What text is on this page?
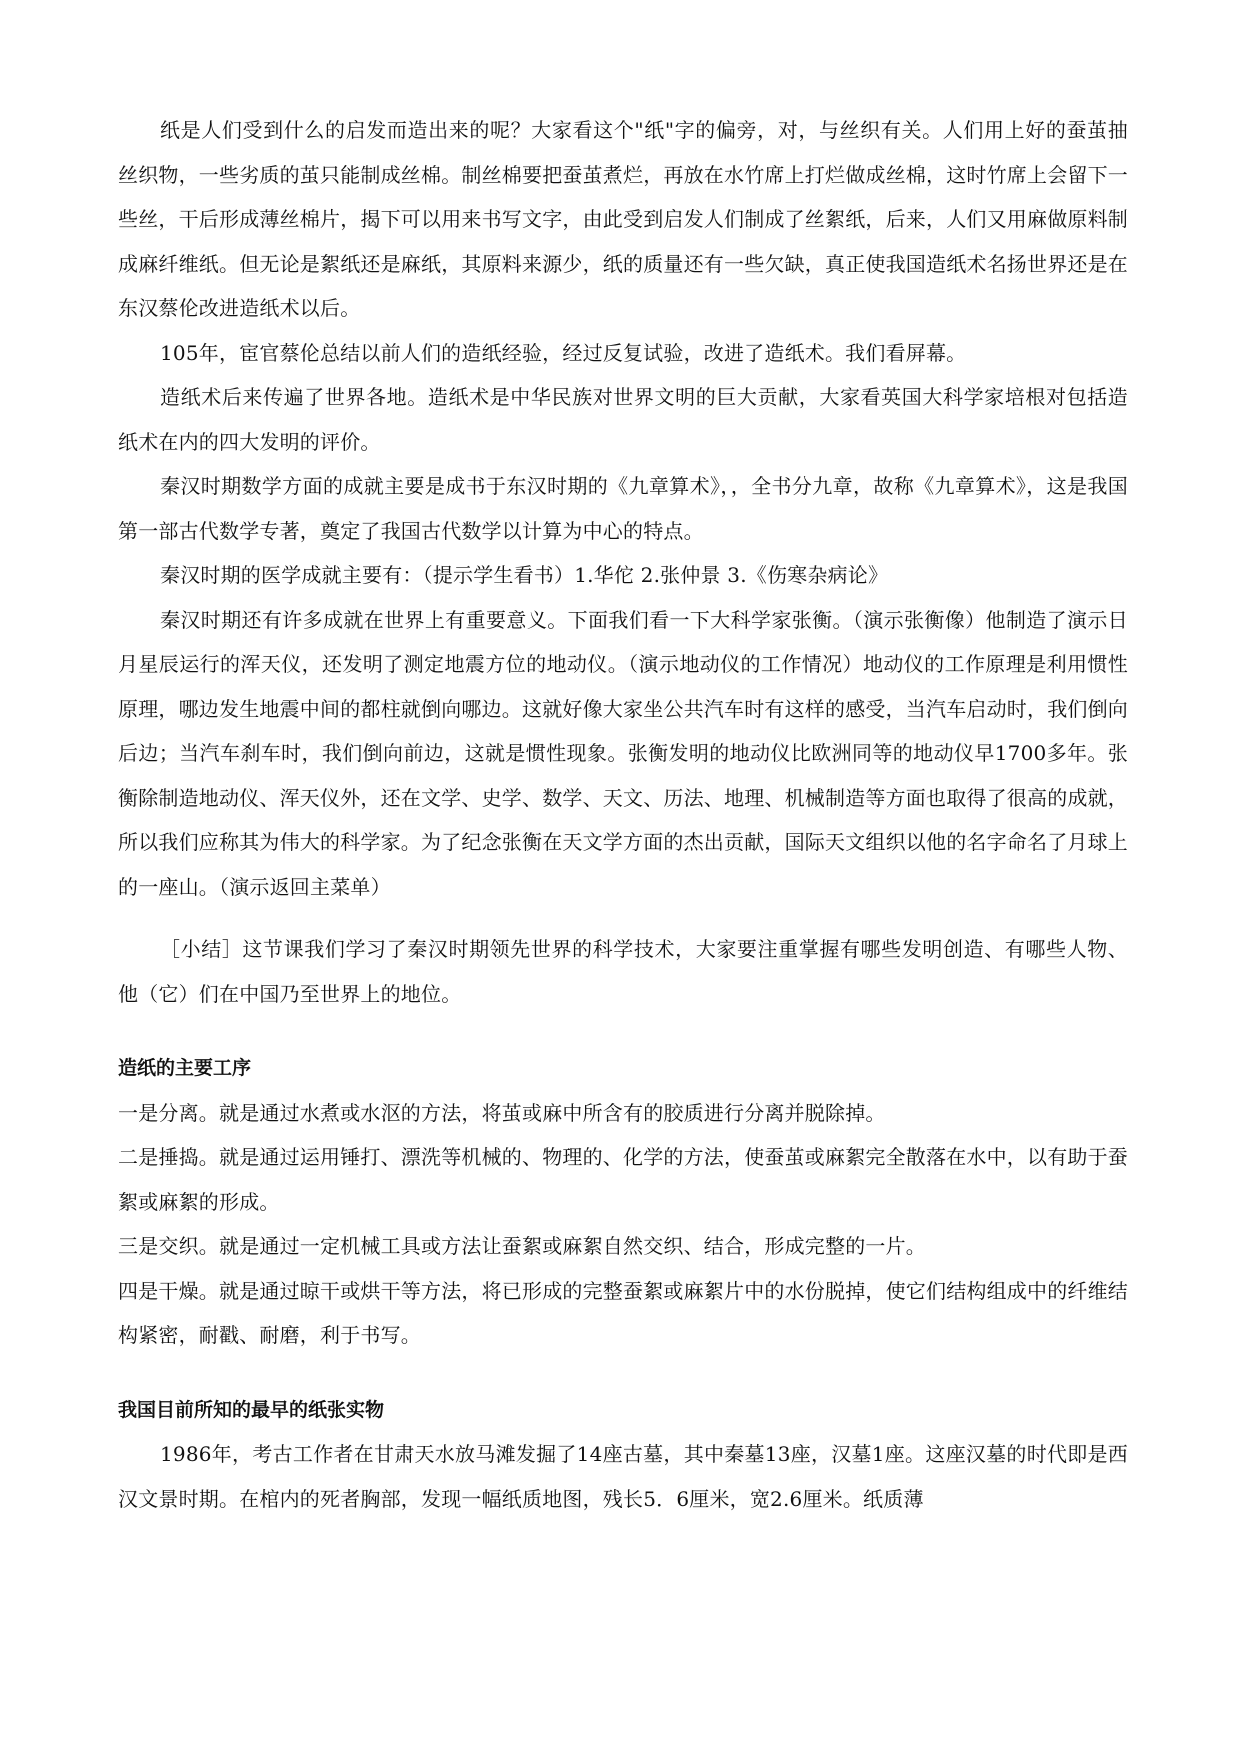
纸是人们受到什么的启发而造出来的呢？大家看这个"纸"字的偏旁，对，与丝织有关。人们用上好的蚕茧抽丝织物，一些劣质的茧只能制成丝棉。制丝棉要把蚕茧煮烂，再放在水竹席上打烂做成丝棉，这时竹席上会留下一些丝，干后形成薄丝棉片，揭下可以用来书写文字，由此受到启发人们制成了丝絮纸，后来，人们又用麻做原料制成麻纤维纸。但无论是絮纸还是麻纸，其原料来源少，纸的质量还有一些欠缺，真正使我国造纸术名扬世界还是在东汉蔡伦改进造纸术以后。

105年，宦官蔡伦总结以前人们的造纸经验，经过反复试验，改进了造纸术。我们看屏幕。

造纸术后来传遍了世界各地。造纸术是中华民族对世界文明的巨大贡献，大家看英国大科学家培根对包括造纸术在内的四大发明的评价。

秦汉时期数学方面的成就主要是成书于东汉时期的《九章算术》，，全书分九章，故称《九章算术》，这是我国第一部古代数学专著，奠定了我国古代数学以计算为中心的特点。

秦汉时期的医学成就主要有：（提示学生看书）1.华佗 2.张仲景 3.《伤寒杂病论》

秦汉时期还有许多成就在世界上有重要意义。下面我们看一下大科学家张衡。（演示张衡像）他制造了演示日月星辰运行的浑天仪，还发明了测定地震方位的地动仪。（演示地动仪的工作情况）地动仪的工作原理是利用惯性原理，哪边发生地震中间的都柱就倒向哪边。这就好像大家坐公共汽车时有这样的感受，当汽车启动时，我们倒向后边；当汽车刹车时，我们倒向前边，这就是惯性现象。张衡发明的地动仪比欧洲同等的地动仪早1700多年。张衡除制造地动仪、浑天仪外，还在文学、史学、数学、天文、历法、地理、机械制造等方面也取得了很高的成就，所以我们应称其为伟大的科学家。为了纪念张衡在天文学方面的杰出贡献，国际天文组织以他的名字命名了月球上的一座山。（演示返回主菜单）

［小结］这节课我们学习了秦汉时期领先世界的科学技术，大家要注重掌握有哪些发明创造、有哪些人物、他（它）们在中国乃至世界上的地位。

造纸的主要工序

一是分离。就是通过水煮或水沤的方法，将茧或麻中所含有的胶质进行分离并脱除掉。

二是捶捣。就是通过运用锤打、漂洗等机械的、物理的、化学的方法，使蚕茧或麻絮完全散落在水中，以有助于蚕絮或麻絮的形成。

三是交织。就是通过一定机械工具或方法让蚕絮或麻絮自然交织、结合，形成完整的一片。

四是干燥。就是通过晾干或烘干等方法，将已形成的完整蚕絮或麻絮片中的水份脱掉，使它们结构组成中的纤维结构紧密，耐戳、耐磨，利于书写。

我国目前所知的最早的纸张实物

1986年，考古工作者在甘肃天水放马滩发掘了14座古墓，其中秦墓13座，汉墓1座。这座汉墓的时代即是西汉文景时期。在棺内的死者胸部，发现一幅纸质地图，残长5．6厘米，宽2.6厘米。纸质薄
